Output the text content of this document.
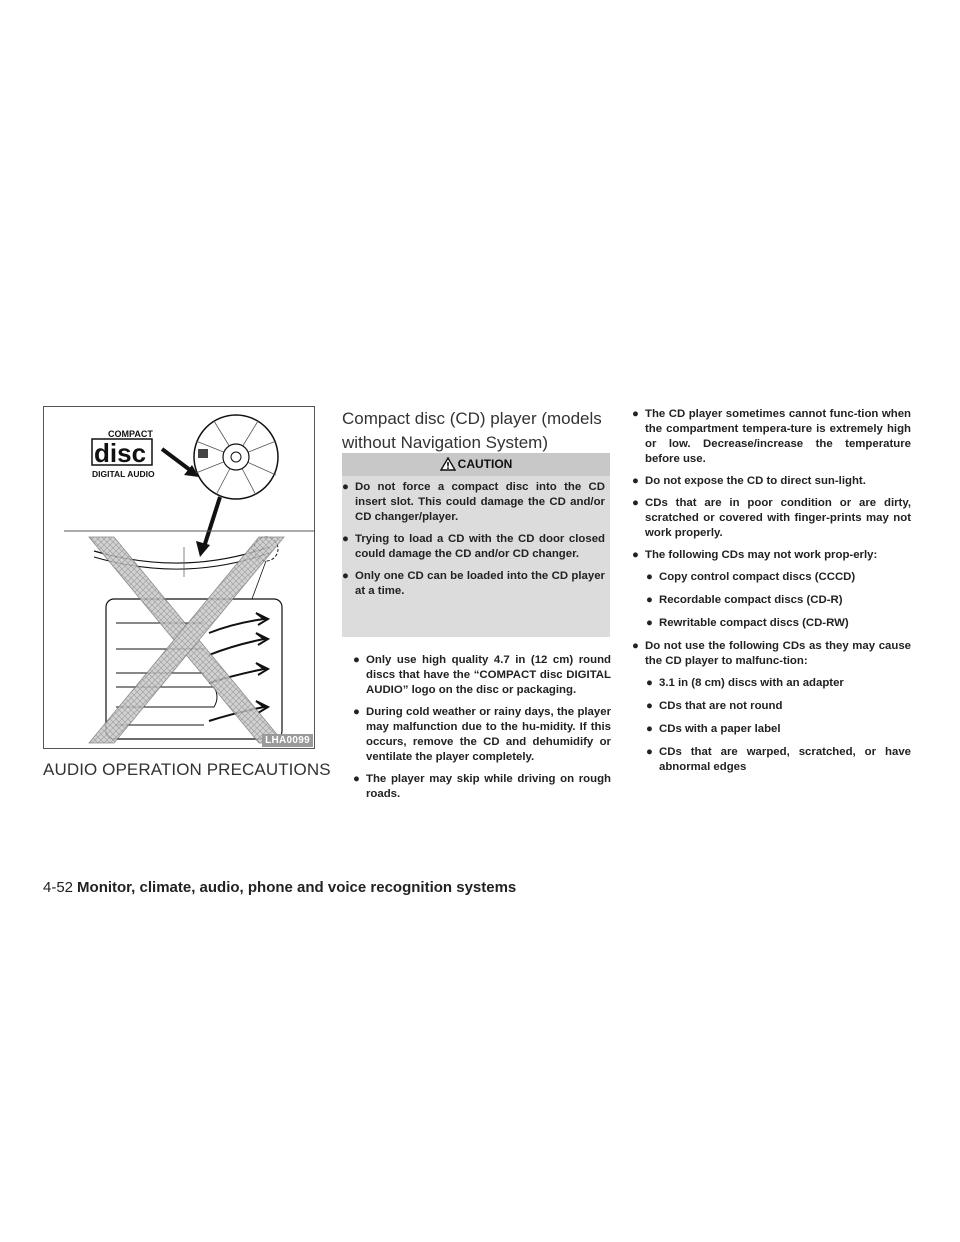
COMPACT
disc
DIGITAL AUDIO
LHA0099
AUDIO OPERATION PRECAUTIONS
Compact disc (CD) player (models without Navigation System)
CAUTION
● Do not force a compact disc into the CD insert slot. This could damage the CD and/or CD changer/player.
● Trying to load a CD with the CD door closed could damage the CD and/or CD changer.
● Only one CD can be loaded into the CD player at a time.
● Only use high quality 4.7 in (12 cm) round discs that have the “COMPACT disc DIGITAL AUDIO” logo on the disc or packaging.
● During cold weather or rainy days, the player may malfunction due to the hu-midity. If this occurs, remove the CD and dehumidify or ventilate the player completely.
● The player may skip while driving on rough roads.
● The CD player sometimes cannot func-tion when the compartment tempera-ture is extremely high or low. Decrease/increase the temperature before use.
● Do not expose the CD to direct sun-light.
● CDs that are in poor condition or are dirty, scratched or covered with finger-prints may not work properly.
● The following CDs may not work prop-erly:
● Copy control compact discs (CCCD)
● Recordable compact discs (CD-R)
● Rewritable compact discs (CD-RW)
● Do not use the following CDs as they may cause the CD player to malfunc-tion:
● 3.1 in (8 cm) discs with an adapter
● CDs that are not round
● CDs with a paper label
● CDs that are warped, scratched, or have abnormal edges
4-52 Monitor, climate, audio, phone and voice recognition systems
